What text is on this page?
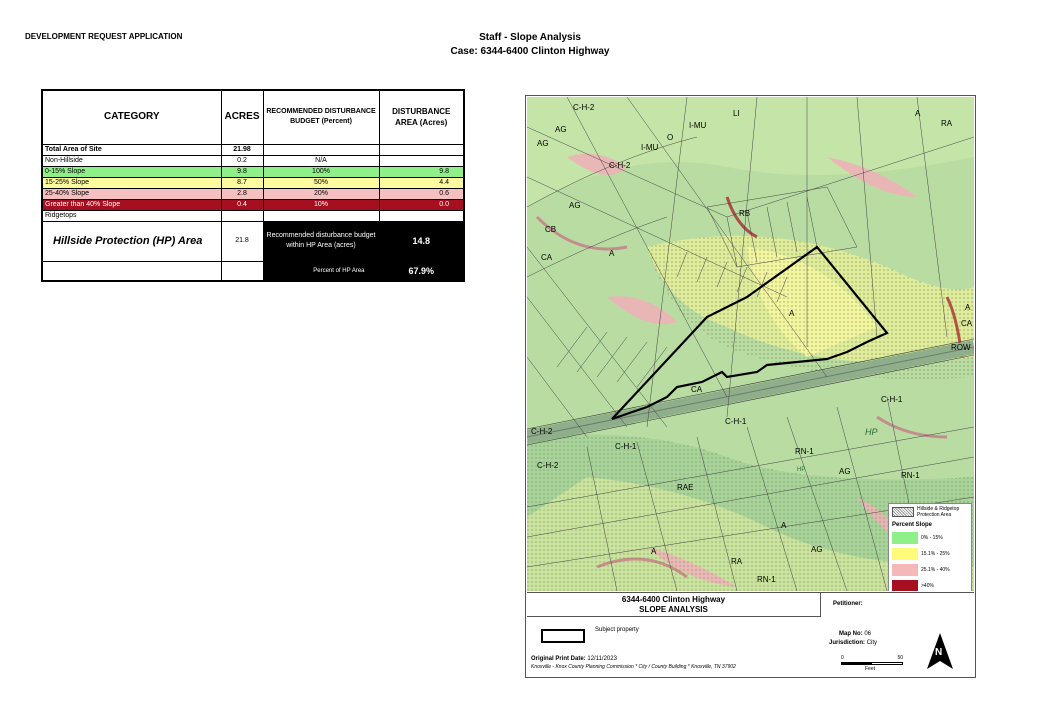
DEVELOPMENT REQUEST APPLICATION	Staff - Slope Analysis
Case: 6344-6400 Clinton Highway
CATEGORY	ACRES	RECOMMENDED DISTURBANCE BUDGET (Percent)	DISTURBANCE AREA (Acres)
Total Area of Site	21.98		
Non-Hillside	0.2	N/A	
0-15% Slope	9.8	100%	9.8
15-25% Slope	8.7	50%	4.4
25-40% Slope	2.8	20%	0.6
Greater than 40% Slope	0.4	10%	0.0
Ridgetops			
Hillside Protection (HP) Area	21.8	Recommended disturbance budget within HP Area (acres)	14.8
		Percent of HP Area	67.9%
C-H-2
AG
AG
I-MU
LI
I-MU
O
C-H-2
AG
RB
CB
CA	A
A
RA
A
CA
ROW
C-H-1
HP
C-H-2
C-H-1
C-H-2
RN-1
AG	RN-1
RAE
HP
A
AG
RA
RN-1
A
A
CA
C-H-1
Hillside & Ridgetop Protection Area
Percent Slope
0% - 15%
15.1% - 25%
25.1% - 40%
>40%
6344-6400 Clinton Highway
SLOPE ANALYSIS
Subject property
Original Print Date: 12/11/2023
Knoxville - Knox County Planning Commission * City / County Building * Knoxville, TN 37902
Petitioner:
Map No: 06
Jurisdiction: City
0	50
Feet
N
